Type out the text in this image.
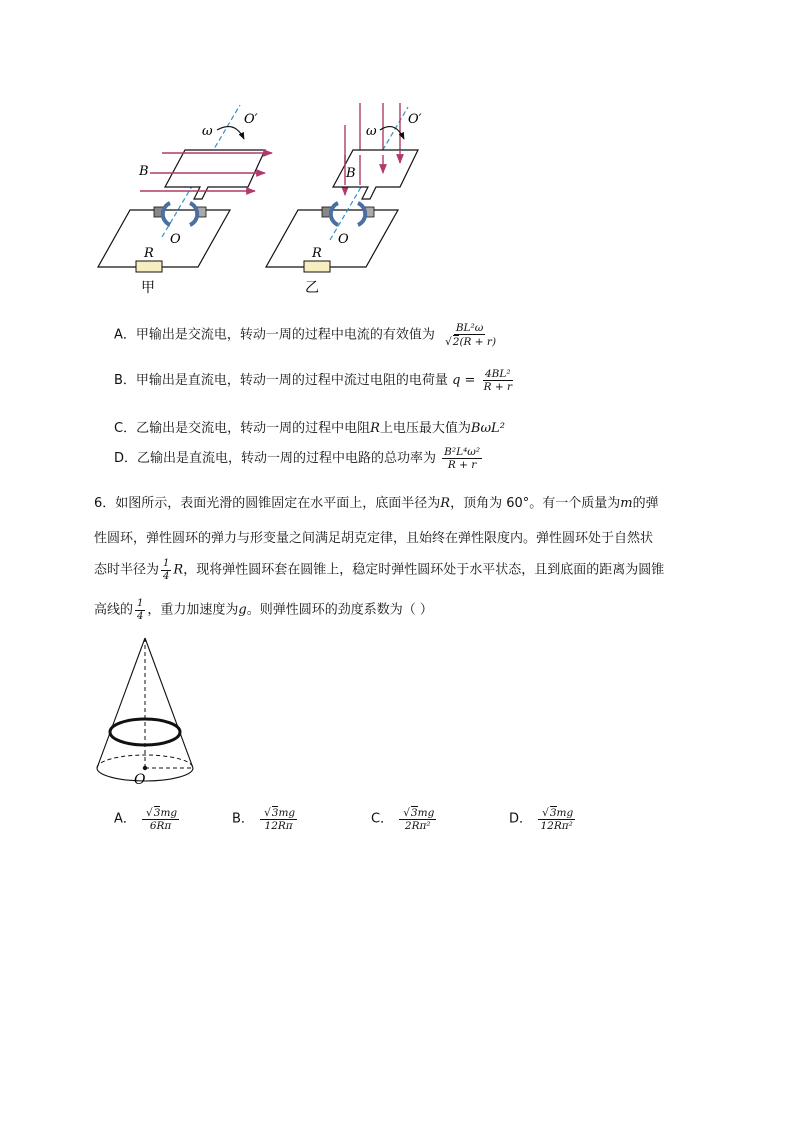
ω
O′
B
O
R
甲
ω
O′
B
O
R
乙
A．甲输出是交流电，转动一周的过程中电流的有效值为 BL²ω
√ 2(R + r)
B．甲输出是直流电，转动一周的过程中流过电阻的电荷量 $q = \frac{\text{4BL²}}{R + r}$
C．乙输出是交流电，转动一周的过程中电阻R上电压最大值为BωL²
D．乙输出是直流电，转动一周的过程中电路的总功率为 $\frac{\text{B²L⁴ω²}}{R + r}$
6．如图所示，表面光滑的圆锥固定在水平面上，底面半径为R，顶角为 60°。有一个质量为m的弹
性圆环，弹性圆环的弹力与形变量之间满足胡克定律，且始终在弹性限度内。弹性圆环处于自然状
态时半径为 $\frac{1}{4}$ R，现将弹性圆环套在圆锥上，稳定时弹性圆环处于水平状态，且到底面的距离为圆锥
高线的 $\frac{1}{4}$ ，重力加速度为g。则弹性圆环的劲度系数为（ ）
O
A． √ $\frac{3mg}{6R\pi}$	B． √ $\frac{3mg}{12R\pi}$	C． √ $\frac{3mg}{\text{2Rπ²}}$	D． √ $\frac{3mg}{\text{12Rπ²}}$
